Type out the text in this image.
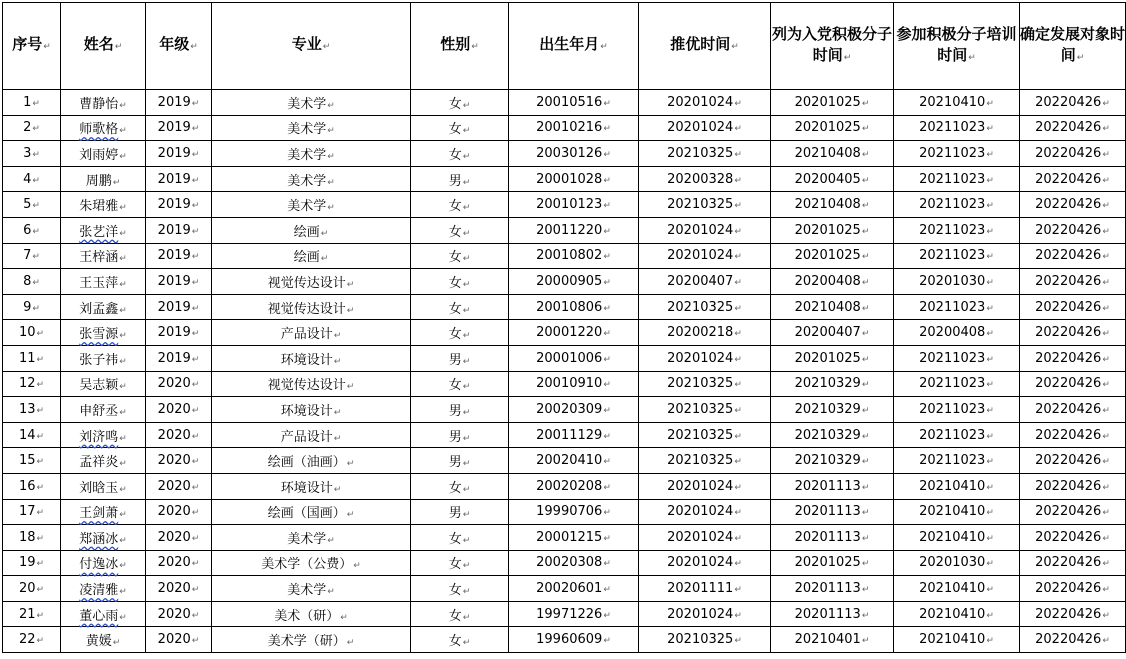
序号↵	姓名↵	年级↵	专业↵	性别↵	出生年月↵	推优时间↵	列为入党积极分子时间↵	参加积极分子培训时间↵	确定发展对象时间↵
1↵	曹静怡↵	2019↵	美术学↵	女↵	20010516↵	20201024↵	20201025↵	20210410↵	20220426↵
2↵	师歌格↵	2019↵	美术学↵	女↵	20010216↵	20201024↵	20201025↵	20211023↵	20220426↵
3↵	刘雨婷↵	2019↵	美术学↵	女↵	20030126↵	20210325↵	20210408↵	20211023↵	20220426↵
4↵	周鹏↵	2019↵	美术学↵	男↵	20001028↵	20200328↵	20200405↵	20211023↵	20220426↵
5↵	朱珺雅↵	2019↵	美术学↵	女↵	20010123↵	20210325↵	20210408↵	20211023↵	20220426↵
6↵	张艺洋↵	2019↵	绘画↵	女↵	20011220↵	20201024↵	20201025↵	20211023↵	20220426↵
7↵	王梓涵↵	2019↵	绘画↵	女↵	20010802↵	20201024↵	20201025↵	20211023↵	20220426↵
8↵	王玉萍↵	2019↵	视觉传达设计↵	女↵	20000905↵	20200407↵	20200408↵	20201030↵	20220426↵
9↵	刘孟鑫↵	2019↵	视觉传达设计↵	女↵	20010806↵	20210325↵	20210408↵	20211023↵	20220426↵
10↵	张雪源↵	2019↵	产品设计↵	女↵	20001220↵	20200218↵	20200407↵	20200408↵	20220426↵
11↵	张子祎↵	2019↵	环境设计↵	男↵	20001006↵	20201024↵	20201025↵	20211023↵	20220426↵
12↵	吴志颖↵	2020↵	视觉传达设计↵	女↵	20010910↵	20210325↵	20210329↵	20211023↵	20220426↵
13↵	申舒丞↵	2020↵	环境设计↵	男↵	20020309↵	20210325↵	20210329↵	20211023↵	20220426↵
14↵	刘济鸣↵	2020↵	产品设计↵	男↵	20011129↵	20210325↵	20210329↵	20211023↵	20220426↵
15↵	孟祥炎↵	2020↵	绘画（油画）↵	男↵	20020410↵	20210325↵	20210329↵	20211023↵	20220426↵
16↵	刘晗玉↵	2020↵	环境设计↵	女↵	20020208↵	20201024↵	20201113↵	20210410↵	20220426↵
17↵	王剑萧↵	2020↵	绘画（国画）↵	男↵	19990706↵	20201024↵	20201113↵	20210410↵	20220426↵
18↵	郑涵冰↵	2020↵	美术学↵	女↵	20001215↵	20201024↵	20201113↵	20210410↵	20220426↵
19↵	付逸冰↵	2020↵	美术学（公费）↵	女↵	20020308↵	20201024↵	20201025↵	20201030↵	20220426↵
20↵	凌清雅↵	2020↵	美术学↵	女↵	20020601↵	20201111↵	20201113↵	20210410↵	20220426↵
21↵	董心雨↵	2020↵	美术（研）↵	女↵	19971226↵	20201024↵	20201113↵	20210410↵	20220426↵
22↵	黄媛↵	2020↵	美术学（研）↵	女↵	19960609↵	20210325↵	20210401↵	20210410↵	20220426↵
